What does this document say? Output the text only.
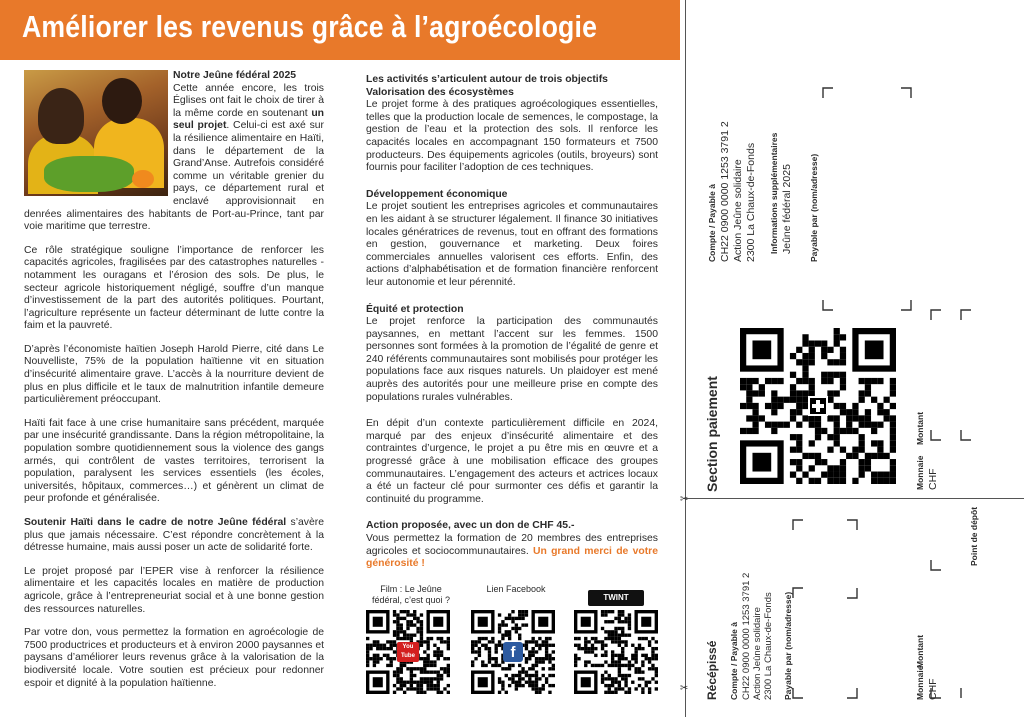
Améliorer les revenus grâce à l’agroécologie

Notre Jeûne fédéral 2025
Cette année encore, les trois Églises ont fait le choix de tirer à la même corde en soutenant un seul projet. Celui-ci est axé sur la résilience alimentaire en Haïti, dans le département de la Grand’Anse. Autrefois considéré comme un véritable grenier du pays, ce département rural et enclavé approvisionnait en denrées alimentaires des habitants de Port-au-Prince, tant par voie maritime que terrestre.

Ce rôle stratégique souligne l’importance de renforcer les capacités agricoles, fragilisées par des catastrophes naturelles - notamment les ouragans et l’érosion des sols. De plus, le secteur agricole historiquement négligé, souffre d’un manque d’investissement de la part des autorités politiques. Pourtant, l’agriculture représente un facteur déterminant de lutte contre la faim et la pauvreté.

D’après l’économiste haïtien Joseph Harold Pierre, cité dans Le Nouvelliste, 75% de la population haïtienne vit en situation d’insécurité alimentaire grave. L’accès à la nourriture devient de plus en plus difficile et le taux de malnutrition infantile demeure particulièrement préoccupant.

Haïti fait face à une crise humanitaire sans précédent, marquée par une insécurité grandissante. Dans la région métropolitaine, la population sombre quotidiennement sous la violence des gangs armés, qui contrôlent de vastes territoires, terrorisent la population, paralysent les services essentiels (les écoles, universités, hôpitaux, commerces…) et génèrent un climat de peur profonde et généralisée.

Soutenir Haïti dans le cadre de notre Jeûne fédéral s’avère plus que jamais nécessaire. C’est répondre concrètement à la détresse humaine, mais aussi poser un acte de solidarité forte.

Le projet proposé par l’EPER vise à renforcer la résilience alimentaire et les capacités locales en matière de production agricole, grâce à l’entrepreneuriat social et à une bonne gestion des ressources naturelles.

Par votre don, vous permettez la formation en agroécologie de 7500 productrices et producteurs et à environ 2000 paysannes et paysans d’améliorer leurs revenus grâce à la valorisation de la biodiversité locale. Votre soutien est précieux pour redonner espoir et dignité à la population haïtienne.

Les activités s’articulent autour de trois objectifs
Valorisation des écosystèmes
Le projet forme à des pratiques agroécologiques essentielles, telles que la production locale de semences, le compostage, la gestion de l’eau et la protection des sols. Il renforce les capacités locales en accompagnant 150 formateurs et 7500 producteurs. Des équipements agricoles (outils, broyeurs) sont fournis pour faciliter l’adoption de ces techniques.

Développement économique
Le projet soutient les entreprises agricoles et communautaires en les aidant à se structurer légalement. Il finance 30 initiatives locales génératrices de revenus, tout en offrant des formations en gestion, gouvernance et marketing. Deux foires commerciales annuelles valorisent ces efforts. Enfin, des actions d’alphabétisation et de formation financière renforcent leur autonomie et leur pérennité.

Équité et protection
Le projet renforce la participation des communautés paysannes, en mettant l’accent sur les femmes. 1500 personnes sont formées à la promotion de l’égalité de genre et 240 référents communautaires sont mobilisés pour protéger les populations face aux risques naturels. Un plaidoyer est mené auprès des autorités pour une meilleure prise en compte des populations rurales vulnérables.

En dépit d’un contexte particulièrement difficile en 2024, marqué par des enjeux d’insécurité alimentaire et des contraintes d’urgence, le projet a pu être mis en œuvre et a progressé grâce à une mobilisation efficace des groupes communautaires. L’engagement des acteurs et actrices locaux a été un facteur clé pour surmonter ces défis et garantir la continuité du programme.

Action proposée, avec un don de CHF 45.-
Vous permettez la formation de 20 membres des entreprises agricoles et sociocommunautaires. Un grand merci de votre générosité !

Film : Le Jeûne fédéral, c’est quoi ?
You Tube
Lien Facebook
f
TWINT
✂
✂
Section paiement
Compte / Payable à CH22 0900 0000 1253 3791 2 Action Jeûne solidaire 2300 La Chaux-de-Fonds Informations supplémentaires Jeûne fédéral 2025 Payable par (nom/adresse)
Monnaie CHF
Montant
Récépissé Compte / Payable à CH22 0900 0000 1253 3791 2 Action Jeûne solidaire 2300 La Chaux-de-Fonds Payable par (nom/adresse)	Monnaie CHF
Montant
Point de dépôt
